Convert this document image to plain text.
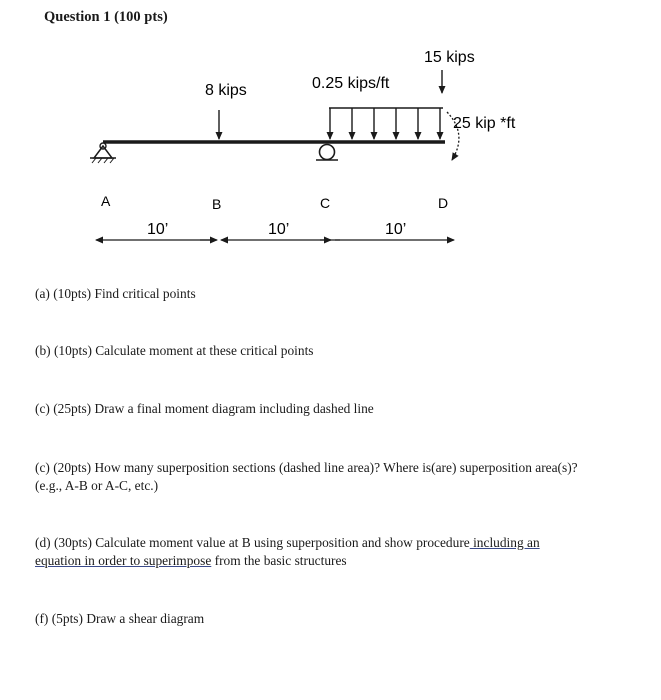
Question 1 (100 pts)
8 kips	0.25 kips/ft
15 kips
25 kip *ft
A	B	C	D
10’	10’	10’
(a) (10pts) Find critical points
(b) (10pts) Calculate moment at these critical points
(c) (25pts) Draw a final moment diagram including dashed line
(c) (20pts) How many superposition sections (dashed line area)? Where is(are) superposition area(s)?
(e.g., A-B or A-C, etc.)
(d) (30pts) Calculate moment value at B using superposition and show procedure including an
equation in order to superimpose from the basic structures
(f) (5pts) Draw a shear diagram
